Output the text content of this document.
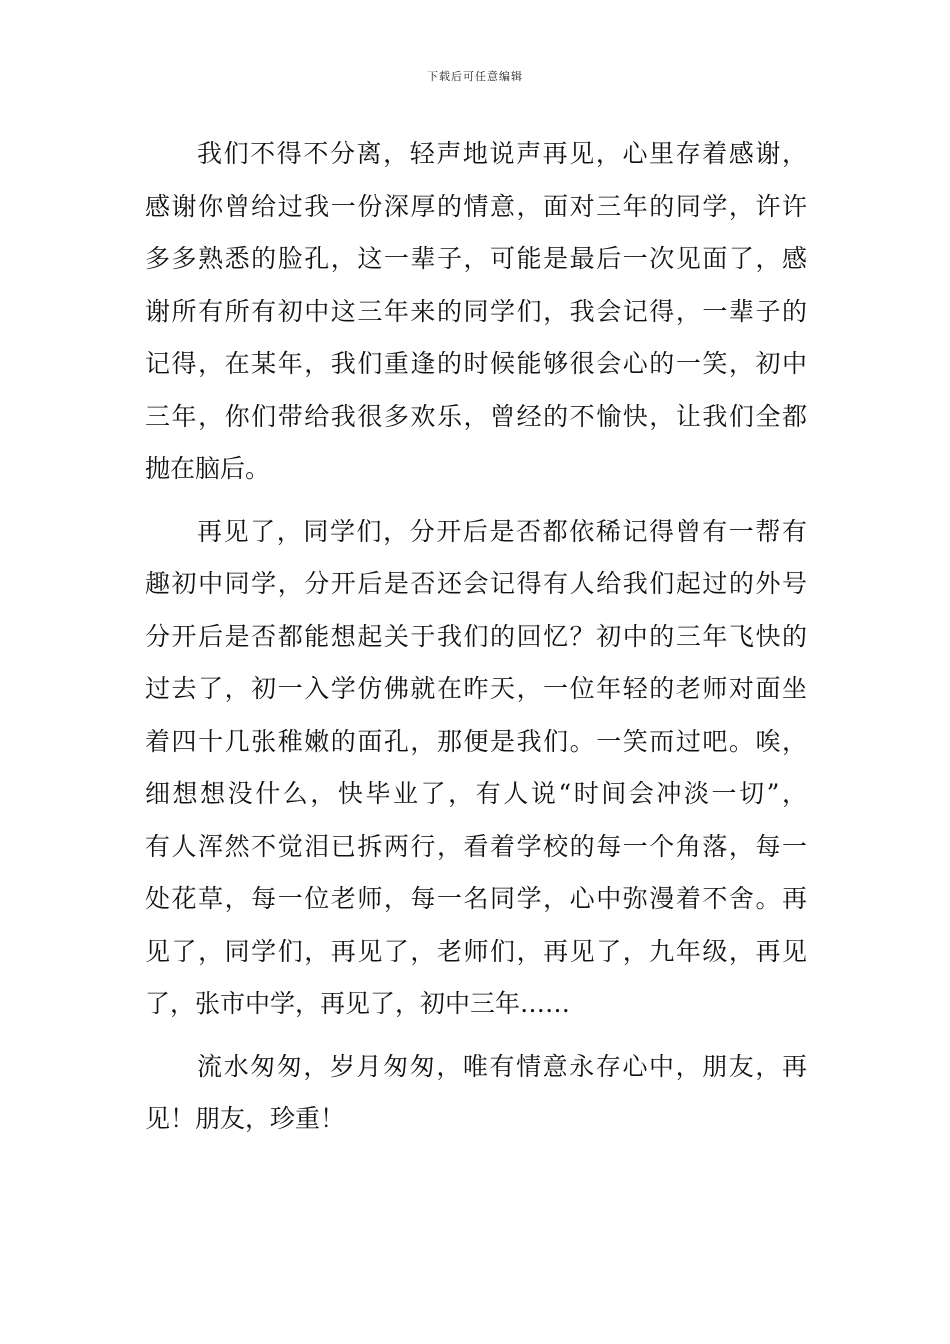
下载后可任意编辑
我们不得不分离，轻声地说声再见，心里存着感谢，
感谢你曾给过我一份深厚的情意，面对三年的同学，许许
多多熟悉的脸孔，这一辈子，可能是最后一次见面了，感
谢所有所有初中这三年来的同学们，我会记得，一辈子的
记得，在某年，我们重逢的时候能够很会心的一笑，初中
三年，你们带给我很多欢乐，曾经的不愉快，让我们全都
抛在脑后。
再见了，同学们，分开后是否都依稀记得曾有一帮有
趣初中同学，分开后是否还会记得有人给我们起过的外号
分开后是否都能想起关于我们的回忆？初中的三年飞快的
过去了，初一入学仿佛就在昨天，一位年轻的老师对面坐
着四十几张稚嫩的面孔，那便是我们。一笑而过吧。唉，
细想想没什么，快毕业了，有人说“时间会冲淡一切”，
有人浑然不觉泪已拆两行，看着学校的每一个角落，每一
处花草，每一位老师，每一名同学，心中弥漫着不舍。再
见了，同学们，再见了，老师们，再见了，九年级，再见
了，张市中学，再见了，初中三年……
流水匆匆，岁月匆匆，唯有情意永存心中，朋友，再
见！朋友，珍重！
